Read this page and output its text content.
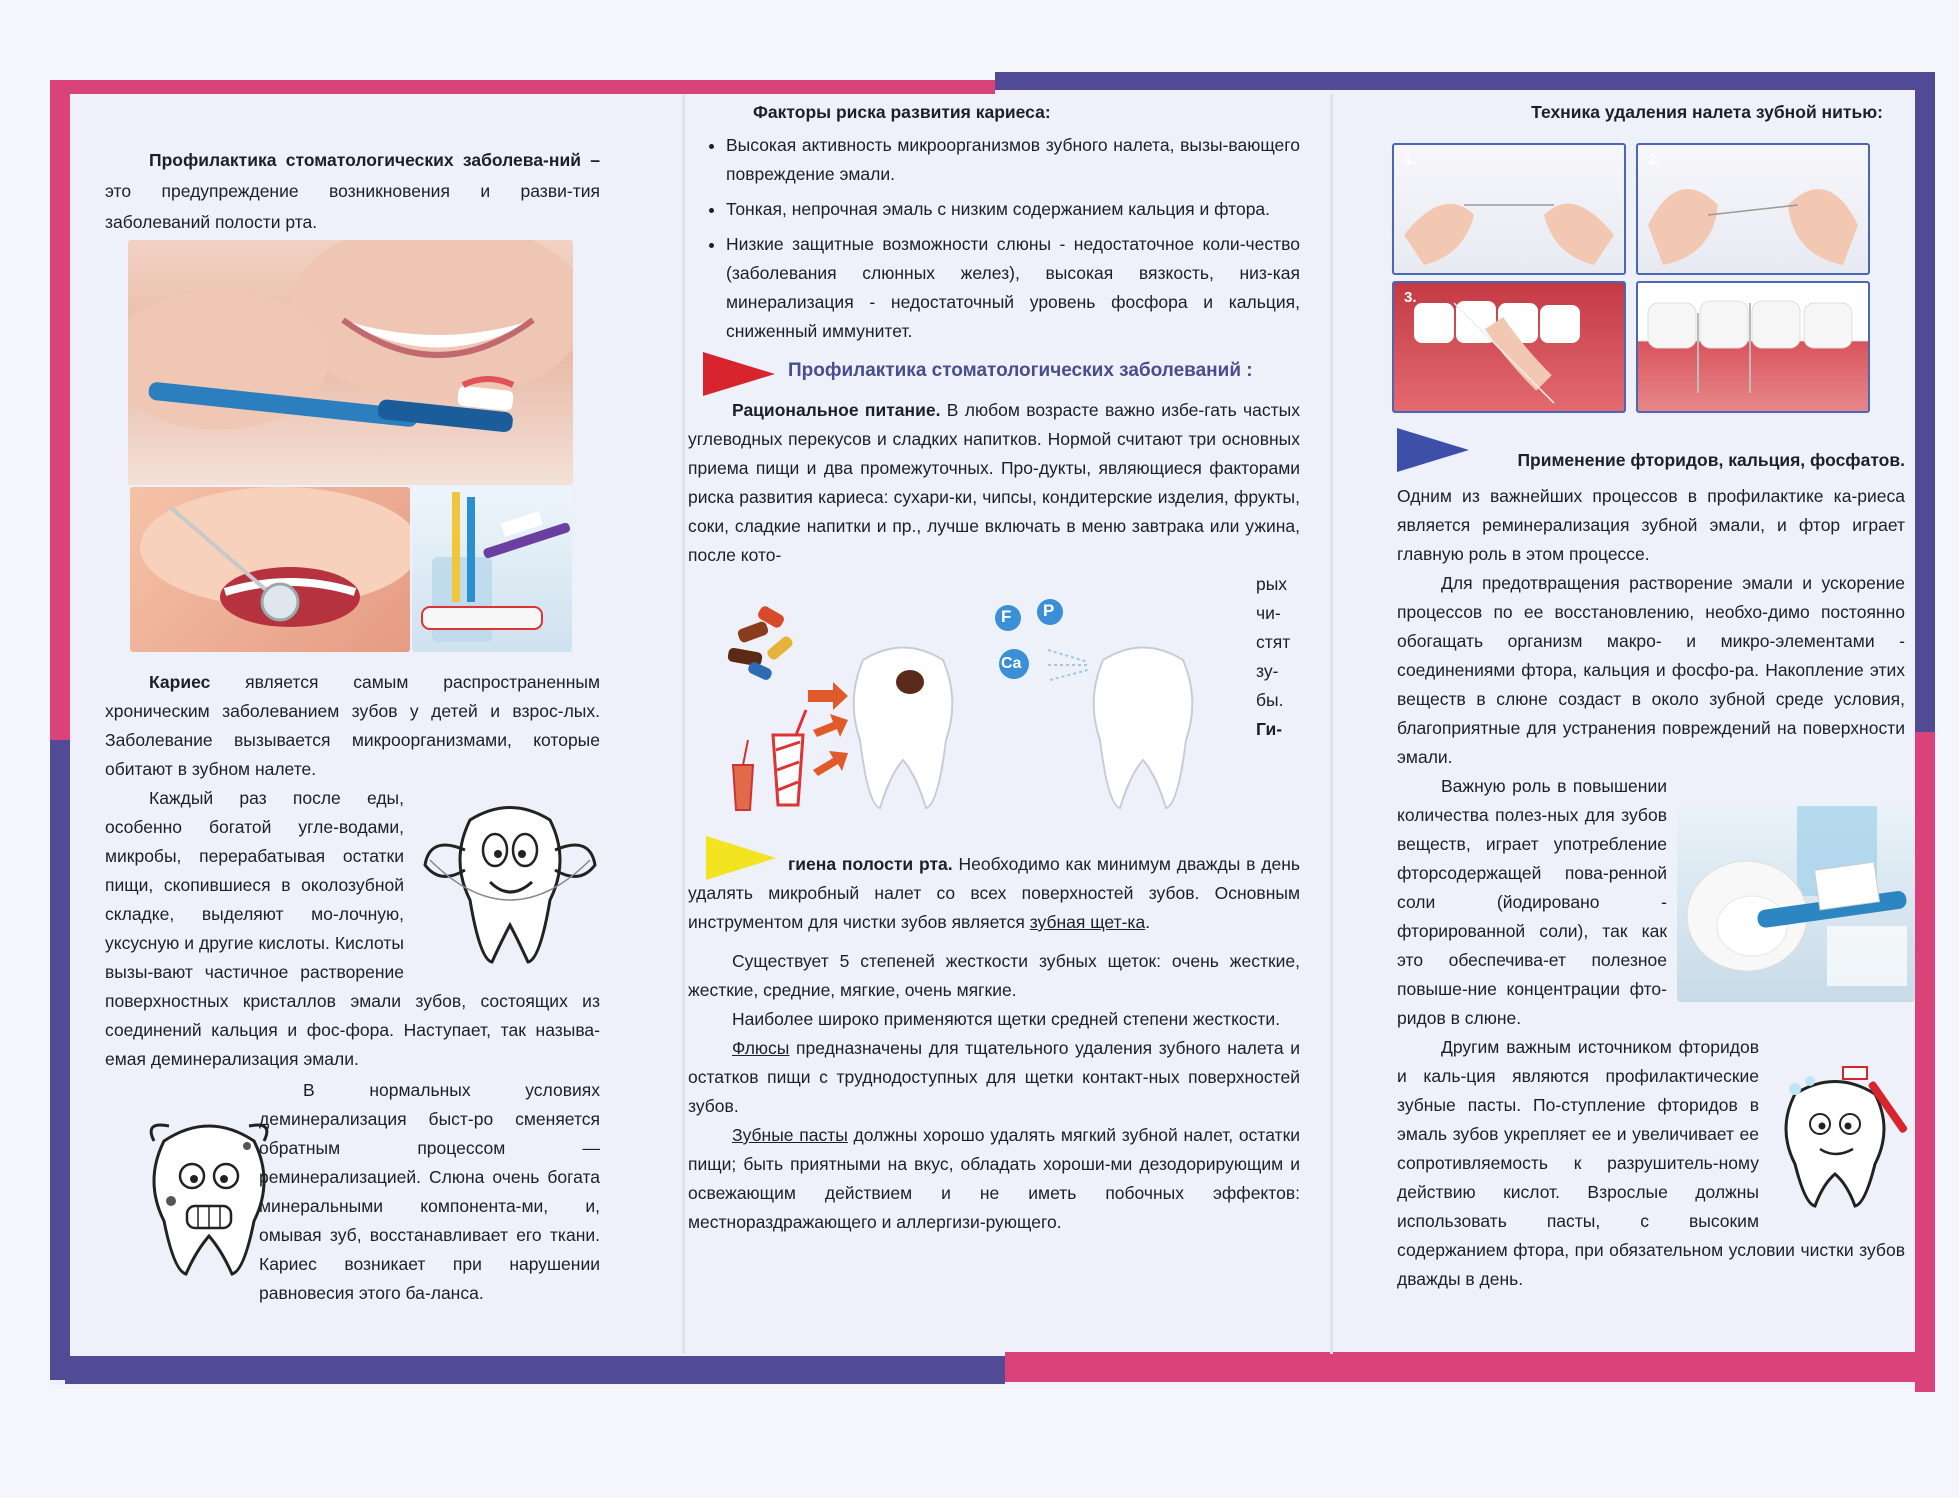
Профилактика стоматологических заболева-ний – это предупреждение возникновения и разви-тия заболеваний полости рта.

Кариес является самым распространенным хроническим заболеванием зубов у детей и взрос-лых. Заболевание вызывается микроорганизмами, которые обитают в зубном налете.

Каждый раз после еды, особенно богатой угле-водами, микробы, перерабатывая остатки пищи, скопившиеся в околозубной складке, выделяют мо-лочную, уксусную и другие кислоты. Кислоты вызы-вают частичное растворение поверхностных кристаллов эмали зубов, состоящих из соединений кальция и фос-фора. Наступает, так называ-емая деминерализация эмали.

В нормальных условиях деминерализация быст-ро сменяется обратным процессом — реминерализацией. Слюна очень богата минеральными компонента-ми, и, омывая зуб, восстанавливает его ткани. Кариес возникает при нарушении равновесия этого ба-ланса.

Факторы риска развития кариеса:
• Высокая активность микроорганизмов зубного налета, вызы-вающего повреждение эмали.
• Тонкая, непрочная эмаль с низким содержанием кальция и фтора.
• Низкие защитные возможности слюны - недостаточное коли-чество (заболевания слюнных желез), высокая вязкость, низ-кая минерализация - недостаточный уровень фосфора и кальция, сниженный иммунитет.
Профилактика стоматологических заболеваний :

Рациональное питание. В любом возрасте важно избе-гать частых углеводных перекусов и сладких напитков. Нормой считают три основных приема пищи и два промежуточных. Про-дукты, являющиеся факторами риска развития кариеса: сухари-ки, чипсы, кондитерские изделия, фрукты, соки, сладкие напитки и пр., лучше включать в меню завтрака или ужина, после кото-

F P
Ca
рых
чи-
стят
зу-
бы.
Ги-

гиена полости рта. Необходимо как минимум дважды в день удалять микробный налет со всех поверхностей зубов. Основным инструментом для чистки зубов является зубная щет-ка.

Существует 5 степеней жесткости зубных щеток: очень жесткие, жесткие, средние, мягкие, очень мягкие.

Наиболее широко применяются щетки средней степени жесткости.

Флюсы предназначены для тщательного удаления зубного налета и остатков пищи с труднодоступных для щетки контакт-ных поверхностей зубов.

Зубные пасты должны хорошо удалять мягкий зубной налет, остатки пищи; быть приятными на вкус, обладать хороши-ми дезодорирующим и освежающим действием и не иметь побочных эффектов: местнораздражающего и аллергизи-рующего.

Техника удаления налета зубной нитью:
1.	2.
3.	4.
Применение фторидов, кальция, фосфатов.

Одним из важнейших процессов в профилактике ка-риеса является реминерализация зубной эмали, и фтор играет главную роль в этом процессе.

Для предотвращения растворение эмали и ускорение процессов по ее восстановлению, необхо-димо постоянно обогащать организм макро- и микро-элементами - соединениями фтора, кальция и фосфо-ра. Накопление этих веществ в слюне создаст в около зубной среде условия, благоприятные для устранения повреждений на поверхности эмали.

Важную роль в повышении количества полез-ных для зубов веществ, играет употребление фторсодержащей пова-ренной соли (йодировано - фторированной соли), так как это обеспечива-ет полезное повыше-ние концентрации фто-ридов в слюне.

Другим важным источником фторидов и каль-ция являются профилактические зубные пасты. По-ступление фторидов в эмаль зубов укрепляет ее и увеличивает ее сопротивляемость к разрушитель-ному действию кислот. Взрослые должны использовать пасты, с высоким содержанием фтора, при обязательном условии чистки зубов дважды в день.
